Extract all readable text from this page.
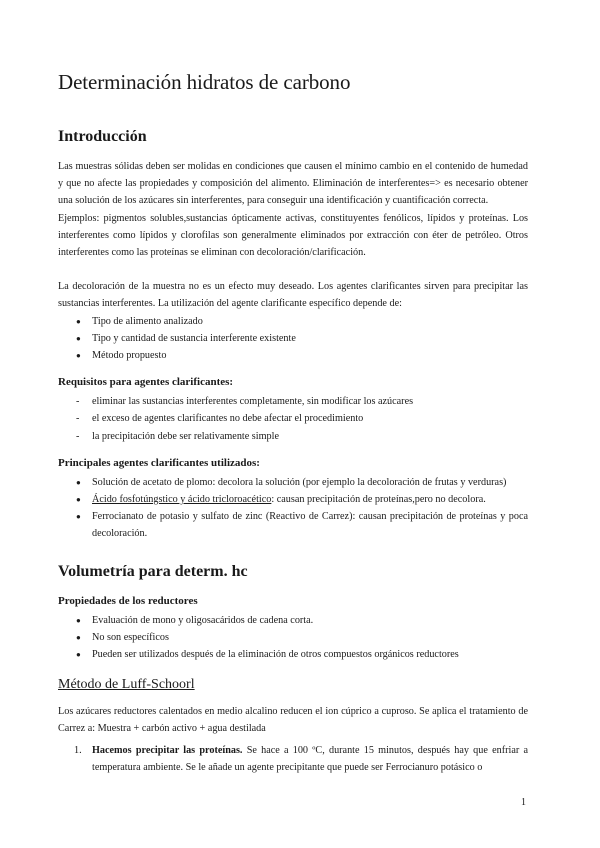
Determinación hidratos de carbono
Introducción

Las muestras sólidas deben ser molidas en condiciones que causen el mínimo cambio en el contenido de humedad y que no afecte las propiedades y composición del alimento. Eliminación de interferentes=> es necesario obtener una solución de los azúcares sin interferentes, para conseguir una identificación y cuantificación correcta.

Ejemplos: pigmentos solubles,sustancias ópticamente activas, constituyentes fenólicos, lípidos y proteínas. Los interferentes como lípidos y clorofilas son generalmente eliminados por extracción con éter de petróleo. Otros interferentes como las proteínas se eliminan con decoloración/clarificación.

La decoloración de la muestra no es un efecto muy deseado. Los agentes clarificantes sirven para precipitar las sustancias interferentes. La utilización del agente clarificante específico depende de:

● Tipo de alimento analizado
● Tipo y cantidad de sustancia interferente existente
● Método propuesto
Requisitos para agentes clarificantes:
- eliminar las sustancias interferentes completamente, sin modificar los azúcares
- el exceso de agentes clarificantes no debe afectar el procedimiento
- la precipitación debe ser relativamente simple
Principales agentes clarificantes utilizados:
● Solución de acetato de plomo: decolora la solución (por ejemplo la decoloración de frutas y verduras)
● Ácido fosfotúngstico y ácido tricloroacético: causan precipitación de proteínas,pero no decolora.
● Ferrocianato de potasio y sulfato de zinc (Reactivo de Carrez): causan precipitación de proteínas y poca decoloración.
Volumetría para determ. hc
Propiedades de los reductores
● Evaluación de mono y oligosacáridos de cadena corta.
● No son específicos
● Pueden ser utilizados después de la eliminación de otros compuestos orgánicos reductores
Método de Luff-Schoorl

Los azúcares reductores calentados en medio alcalino reducen el ion cúprico a cuproso. Se aplica el tratamiento de Carrez a: Muestra + carbón activo + agua destilada

1. Hacemos precipitar las proteínas. Se hace a 100 ºC, durante 15 minutos, después hay que enfriar a temperatura ambiente. Se le añade un agente precipitante que puede ser Ferrocianuro potásico o
1
